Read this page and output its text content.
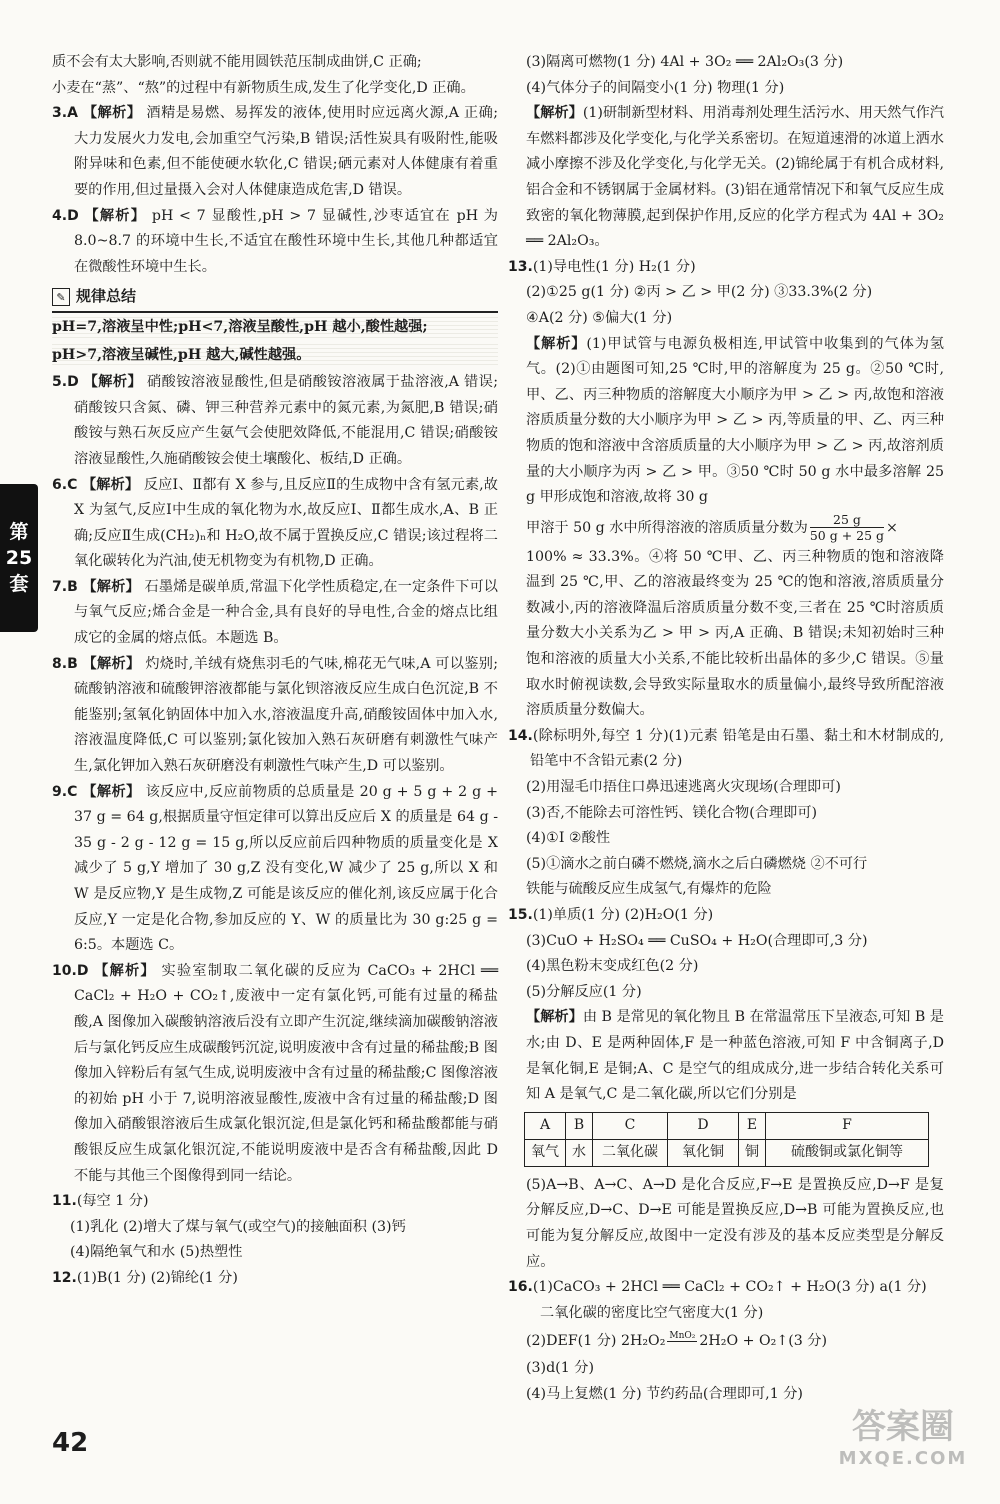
第
25
套

质不会有太大影响,否则就不能用圆铁范压制成曲饼,C 正确;

小麦在“蒸”、“熬”的过程中有新物质生成,发生了化学变化,D 正确。

3.A 【解析】 酒精是易燃、易挥发的液体,使用时应远离火源,A 正确;大力发展火力发电,会加重空气污染,B 错误;活性炭具有吸附性,能吸附异味和色素,但不能使硬水软化,C 错误;硒元素对人体健康有着重要的作用,但过量摄入会对人体健康造成危害,D 错误。

4.D 【解析】 pH < 7 显酸性,pH > 7 显碱性,沙枣适宜在 pH 为 8.0~8.7 的环境中生长,不适宜在酸性环境中生长,其他几种都适宜在微酸性环境中生长。

✎ 规律总结

pH=7,溶液呈中性;pH<7,溶液呈酸性,pH 越小,酸性越强;

pH>7,溶液呈碱性,pH 越大,碱性越强。

5.D 【解析】 硝酸铵溶液显酸性,但是硝酸铵溶液属于盐溶液,A 错误;硝酸铵只含氮、磷、钾三种营养元素中的氮元素,为氮肥,B 错误;硝酸铵与熟石灰反应产生氨气会使肥效降低,不能混用,C 错误;硝酸铵溶液显酸性,久施硝酸铵会使土壤酸化、板结,D 正确。

6.C 【解析】 反应Ⅰ、Ⅱ都有 X 参与,且反应Ⅱ的生成物中含有氢元素,故 X 为氢气,反应Ⅰ中生成的氧化物为水,故反应Ⅰ、Ⅱ都生成水,A、B 正确;反应Ⅱ生成(CH₂)ₙ和 H₂O,故不属于置换反应,C 错误;该过程将二氧化碳转化为汽油,使无机物变为有机物,D 正确。

7.B 【解析】 石墨烯是碳单质,常温下化学性质稳定,在一定条件下可以与氧气反应;烯合金是一种合金,具有良好的导电性,合金的熔点比组成它的金属的熔点低。本题选 B。

8.B 【解析】 灼烧时,羊绒有烧焦羽毛的气味,棉花无气味,A 可以鉴别;硫酸钠溶液和硫酸钾溶液都能与氯化钡溶液反应生成白色沉淀,B 不能鉴别;氢氧化钠固体中加入水,溶液温度升高,硝酸铵固体中加入水,溶液温度降低,C 可以鉴别;氯化铵加入熟石灰研磨有刺激性气味产生,氯化钾加入熟石灰研磨没有刺激性气味产生,D 可以鉴别。

9.C 【解析】 该反应中,反应前物质的总质量是 20 g + 5 g + 2 g + 37 g = 64 g,根据质量守恒定律可以算出反应后 X 的质量是 64 g - 35 g - 2 g - 12 g = 15 g,所以反应前后四种物质的质量变化是 X 减少了 5 g,Y 增加了 30 g,Z 没有变化,W 减少了 25 g,所以 X 和 W 是反应物,Y 是生成物,Z 可能是该反应的催化剂,该反应属于化合反应,Y 一定是化合物,参加反应的 Y、W 的质量比为 30 g:25 g = 6:5。本题选 C。

10.D 【解析】 实验室制取二氧化碳的反应为 CaCO₃ + 2HCl ══ CaCl₂ + H₂O + CO₂↑,废液中一定有氯化钙,可能有过量的稀盐酸,A 图像加入碳酸钠溶液后没有立即产生沉淀,继续滴加碳酸钠溶液后与氯化钙反应生成碳酸钙沉淀,说明废液中含有过量的稀盐酸;B 图像加入锌粉后有氢气生成,说明废液中含有过量的稀盐酸;C 图像溶液的初始 pH 小于 7,说明溶液显酸性,废液中含有过量的稀盐酸;D 图像加入硝酸银溶液后生成氯化银沉淀,但是氯化钙和稀盐酸都能与硝酸银反应生成氯化银沉淀,不能说明废液中是否含有稀盐酸,因此 D 不能与其他三个图像得到同一结论。

11.(每空 1 分)

(1)乳化 (2)增大了煤与氧气(或空气)的接触面积 (3)钙

(4)隔绝氧气和水 (5)热塑性

12.(1)B(1 分) (2)锦纶(1 分)

(3)隔离可燃物(1 分) 4Al + 3O₂ ══ 2Al₂O₃(3 分)

(4)气体分子的间隔变小(1 分) 物理(1 分)

【解析】(1)研制新型材料、用消毒剂处理生活污水、用天然气作汽车燃料都涉及化学变化,与化学关系密切。在短道速滑的冰道上洒水减小摩擦不涉及化学变化,与化学无关。(2)锦纶属于有机合成材料,铝合金和不锈钢属于金属材料。(3)铝在通常情况下和氧气反应生成致密的氧化物薄膜,起到保护作用,反应的化学方程式为 4Al + 3O₂ ══ 2Al₂O₃。

13.(1)导电性(1 分) H₂(1 分)

(2)①25 g(1 分) ②丙 > 乙 > 甲(2 分) ③33.3%(2 分)

④A(2 分) ⑤偏大(1 分)

【解析】(1)甲试管与电源负极相连,甲试管中收集到的气体为氢气。(2)①由题图可知,25 ℃时,甲的溶解度为 25 g。②50 ℃时,甲、乙、丙三种物质的溶解度大小顺序为甲 > 乙 > 丙,故饱和溶液溶质质量分数的大小顺序为甲 > 乙 > 丙,等质量的甲、乙、丙三种物质的饱和溶液中含溶质质量的大小顺序为甲 > 乙 > 丙,故溶剂质量的大小顺序为丙 > 乙 > 甲。③50 ℃时 50 g 水中最多溶解 25 g 甲形成饱和溶液,故将 30 g

甲溶于 50 g 水中所得溶液的溶质质量分数为 $\frac{25 g}{50 g + 25 g}$ ×

100% ≈ 33.3%。④将 50 ℃甲、乙、丙三种物质的饱和溶液降温到 25 ℃,甲、乙的溶液最终变为 25 ℃的饱和溶液,溶质质量分数减小,丙的溶液降温后溶质质量分数不变,三者在 25 ℃时溶质质量分数大小关系为乙 > 甲 > 丙,A 正确、B 错误;未知初始时三种饱和溶液的质量大小关系,不能比较析出晶体的多少,C 错误。⑤量取水时俯视读数,会导致实际量取水的质量偏小,最终导致所配溶液溶质质量分数偏大。

14.(除标明外,每空 1 分)(1)元素 铅笔是由石墨、黏土和木材制成的,铅笔中不含铅元素(2 分)

(2)用湿毛巾捂住口鼻迅速逃离火灾现场(合理即可)

(3)否,不能除去可溶性钙、镁化合物(合理即可)

(4)①I ②酸性

(5)①滴水之前白磷不燃烧,滴水之后白磷燃烧 ②不可行

铁能与硫酸反应生成氢气,有爆炸的危险

15.(1)单质(1 分) (2)H₂O(1 分)

(3)CuO + H₂SO₄ ══ CuSO₄ + H₂O(合理即可,3 分)

(4)黑色粉末变成红色(2 分)

(5)分解反应(1 分)

【解析】由 B 是常见的氧化物且 B 在常温常压下呈液态,可知 B 是水;由 D、E 是两种固体,F 是一种蓝色溶液,可知 F 中含铜离子,D 是氧化铜,E 是铜;A、C 是空气的组成成分,进一步结合转化关系可知 A 是氧气,C 是二氧化碳,所以它们分别是

A	B	C	D	E	F
氧气	水	二氧化碳	氧化铜	铜	硫酸铜或氯化铜等

(5)A→B、A→C、A→D 是化合反应,F→E 是置换反应,D→F 是复分解反应,D→C、D→E 可能是置换反应,D→B 可能为置换反应,也可能为复分解反应,故图中一定没有涉及的基本反应类型是分解反应。

16.(1)CaCO₃ + 2HCl ══ CaCl₂ + CO₂↑ + H₂O(3 分) a(1 分)

二氧化碳的密度比空气密度大(1 分)

(2)DEF(1 分) 2H₂O₂ MnO₂
2H₂O + O₂↑(3 分)

(3)d(1 分)

(4)马上复燃(1 分) 节约药品(合理即可,1 分)

42	答案圈
MXQE.COM
